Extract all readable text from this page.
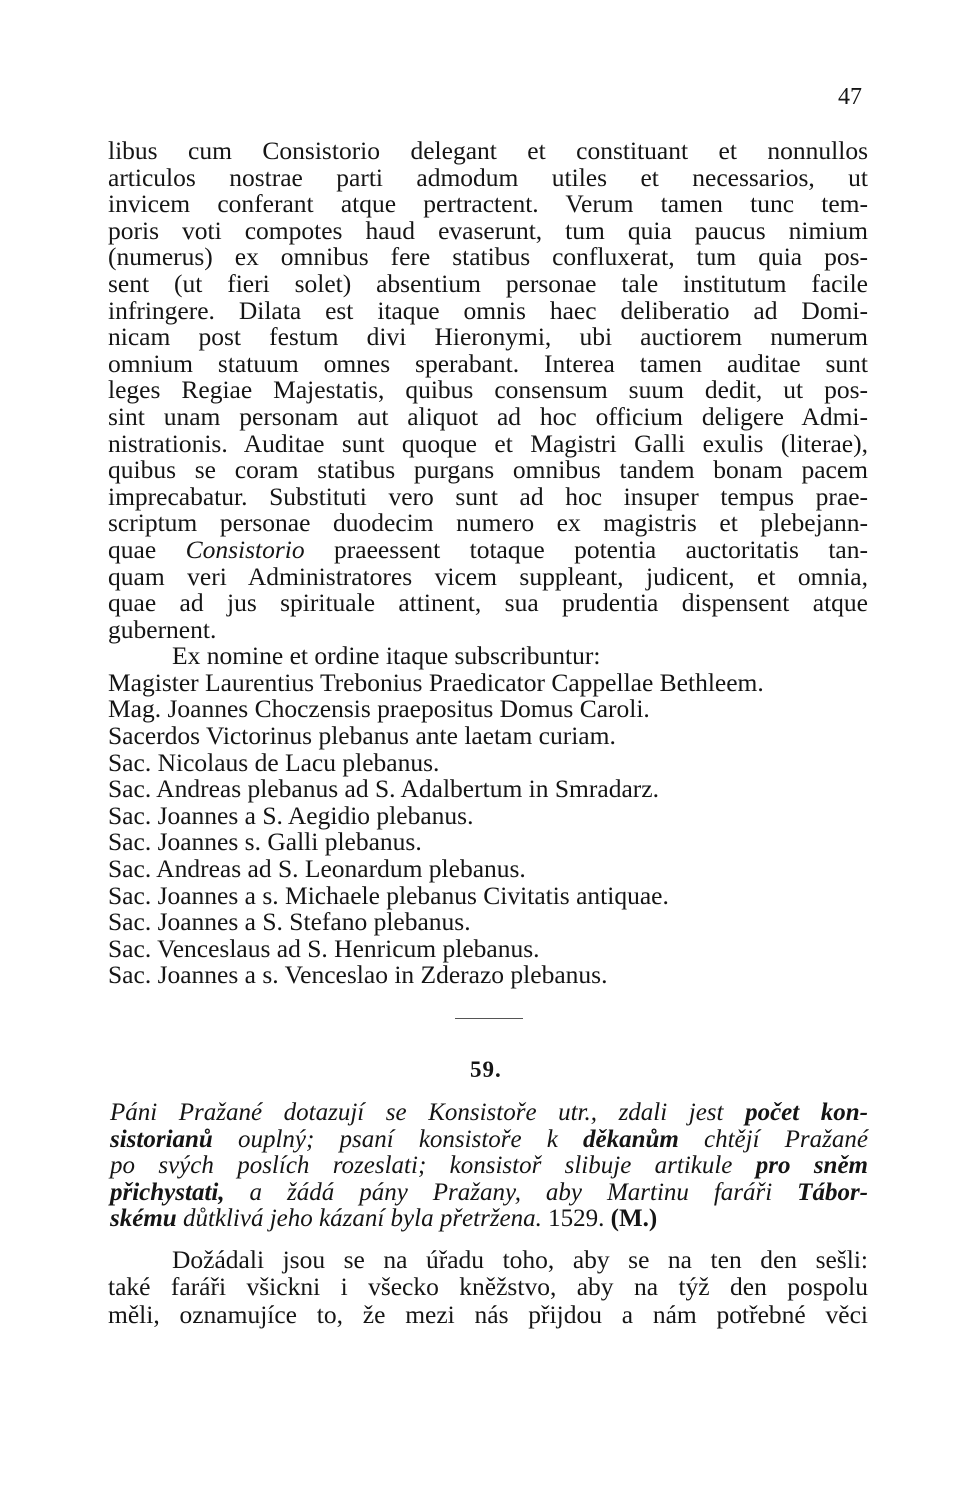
47
libus cum Consistorio delegant et constituant et nonnullos
articulos nostrae parti admodum utiles et necessarios, ut
invicem conferant atque pertractent. Verum tamen tunc tem-
poris voti compotes haud evaserunt, tum quia paucus nimium
(numerus) ex omnibus fere statibus confluxerat, tum quia pos-
sent (ut fieri solet) absentium personae tale institutum facile
infringere. Dilata est itaque omnis haec deliberatio ad Domi-
nicam post festum divi Hieronymi, ubi auctiorem numerum
omnium statuum omnes sperabant. Interea tamen auditae sunt
leges Regiae Majestatis, quibus consensum suum dedit, ut pos-
sint unam personam aut aliquot ad hoc officium deligere Admi-
nistrationis. Auditae sunt quoque et Magistri Galli exulis (literae),
quibus se coram statibus purgans omnibus tandem bonam pacem
imprecabatur. Substituti vero sunt ad hoc insuper tempus prae-
scriptum personae duodecim numero ex magistris et plebejann-
quae Consistorio praeessent totaque potentia auctoritatis tan-
quam veri Administratores vicem suppleant, judicent, et omnia,
quae ad jus spirituale attinent, sua prudentia dispensent atque
gubernent.
Ex nomine et ordine itaque subscribuntur:
Magister Laurentius Trebonius Praedicator Cappellae Bethleem.
Mag. Joannes Choczensis praepositus Domus Caroli.
Sacerdos Victorinus plebanus ante laetam curiam.
Sac. Nicolaus de Lacu plebanus.
Sac. Andreas plebanus ad S. Adalbertum in Smradarz.
Sac. Joannes a S. Aegidio plebanus.
Sac. Joannes s. Galli plebanus.
Sac. Andreas ad S. Leonardum plebanus.
Sac. Joannes a s. Michaele plebanus Civitatis antiquae.
Sac. Joannes a S. Stefano plebanus.
Sac. Venceslaus ad S. Henricum plebanus.
Sac. Joannes a s. Venceslao in Zderazo plebanus.
59.
Páni Pražané dotazují se Konsistoře utr., zdali jest počet kon-
sistorianů ouplný; psaní konsistoře k děkanům chtějí Pražané
po svých poslích rozeslati; konsistoř slibuje artikule pro sněm
přichystati, a žádá pány Pražany, aby Martinu faráři Tábor-
skému důtklivá jeho kázaní byla přetržena. 1529. (M.)
Dožádali jsou se na úřadu toho, aby se na ten den sešli:
také faráři všickni i všecko kněžstvo, aby na týž den pospolu
měli, oznamujíce to, že mezi nás přijdou a nám potřebné věci
